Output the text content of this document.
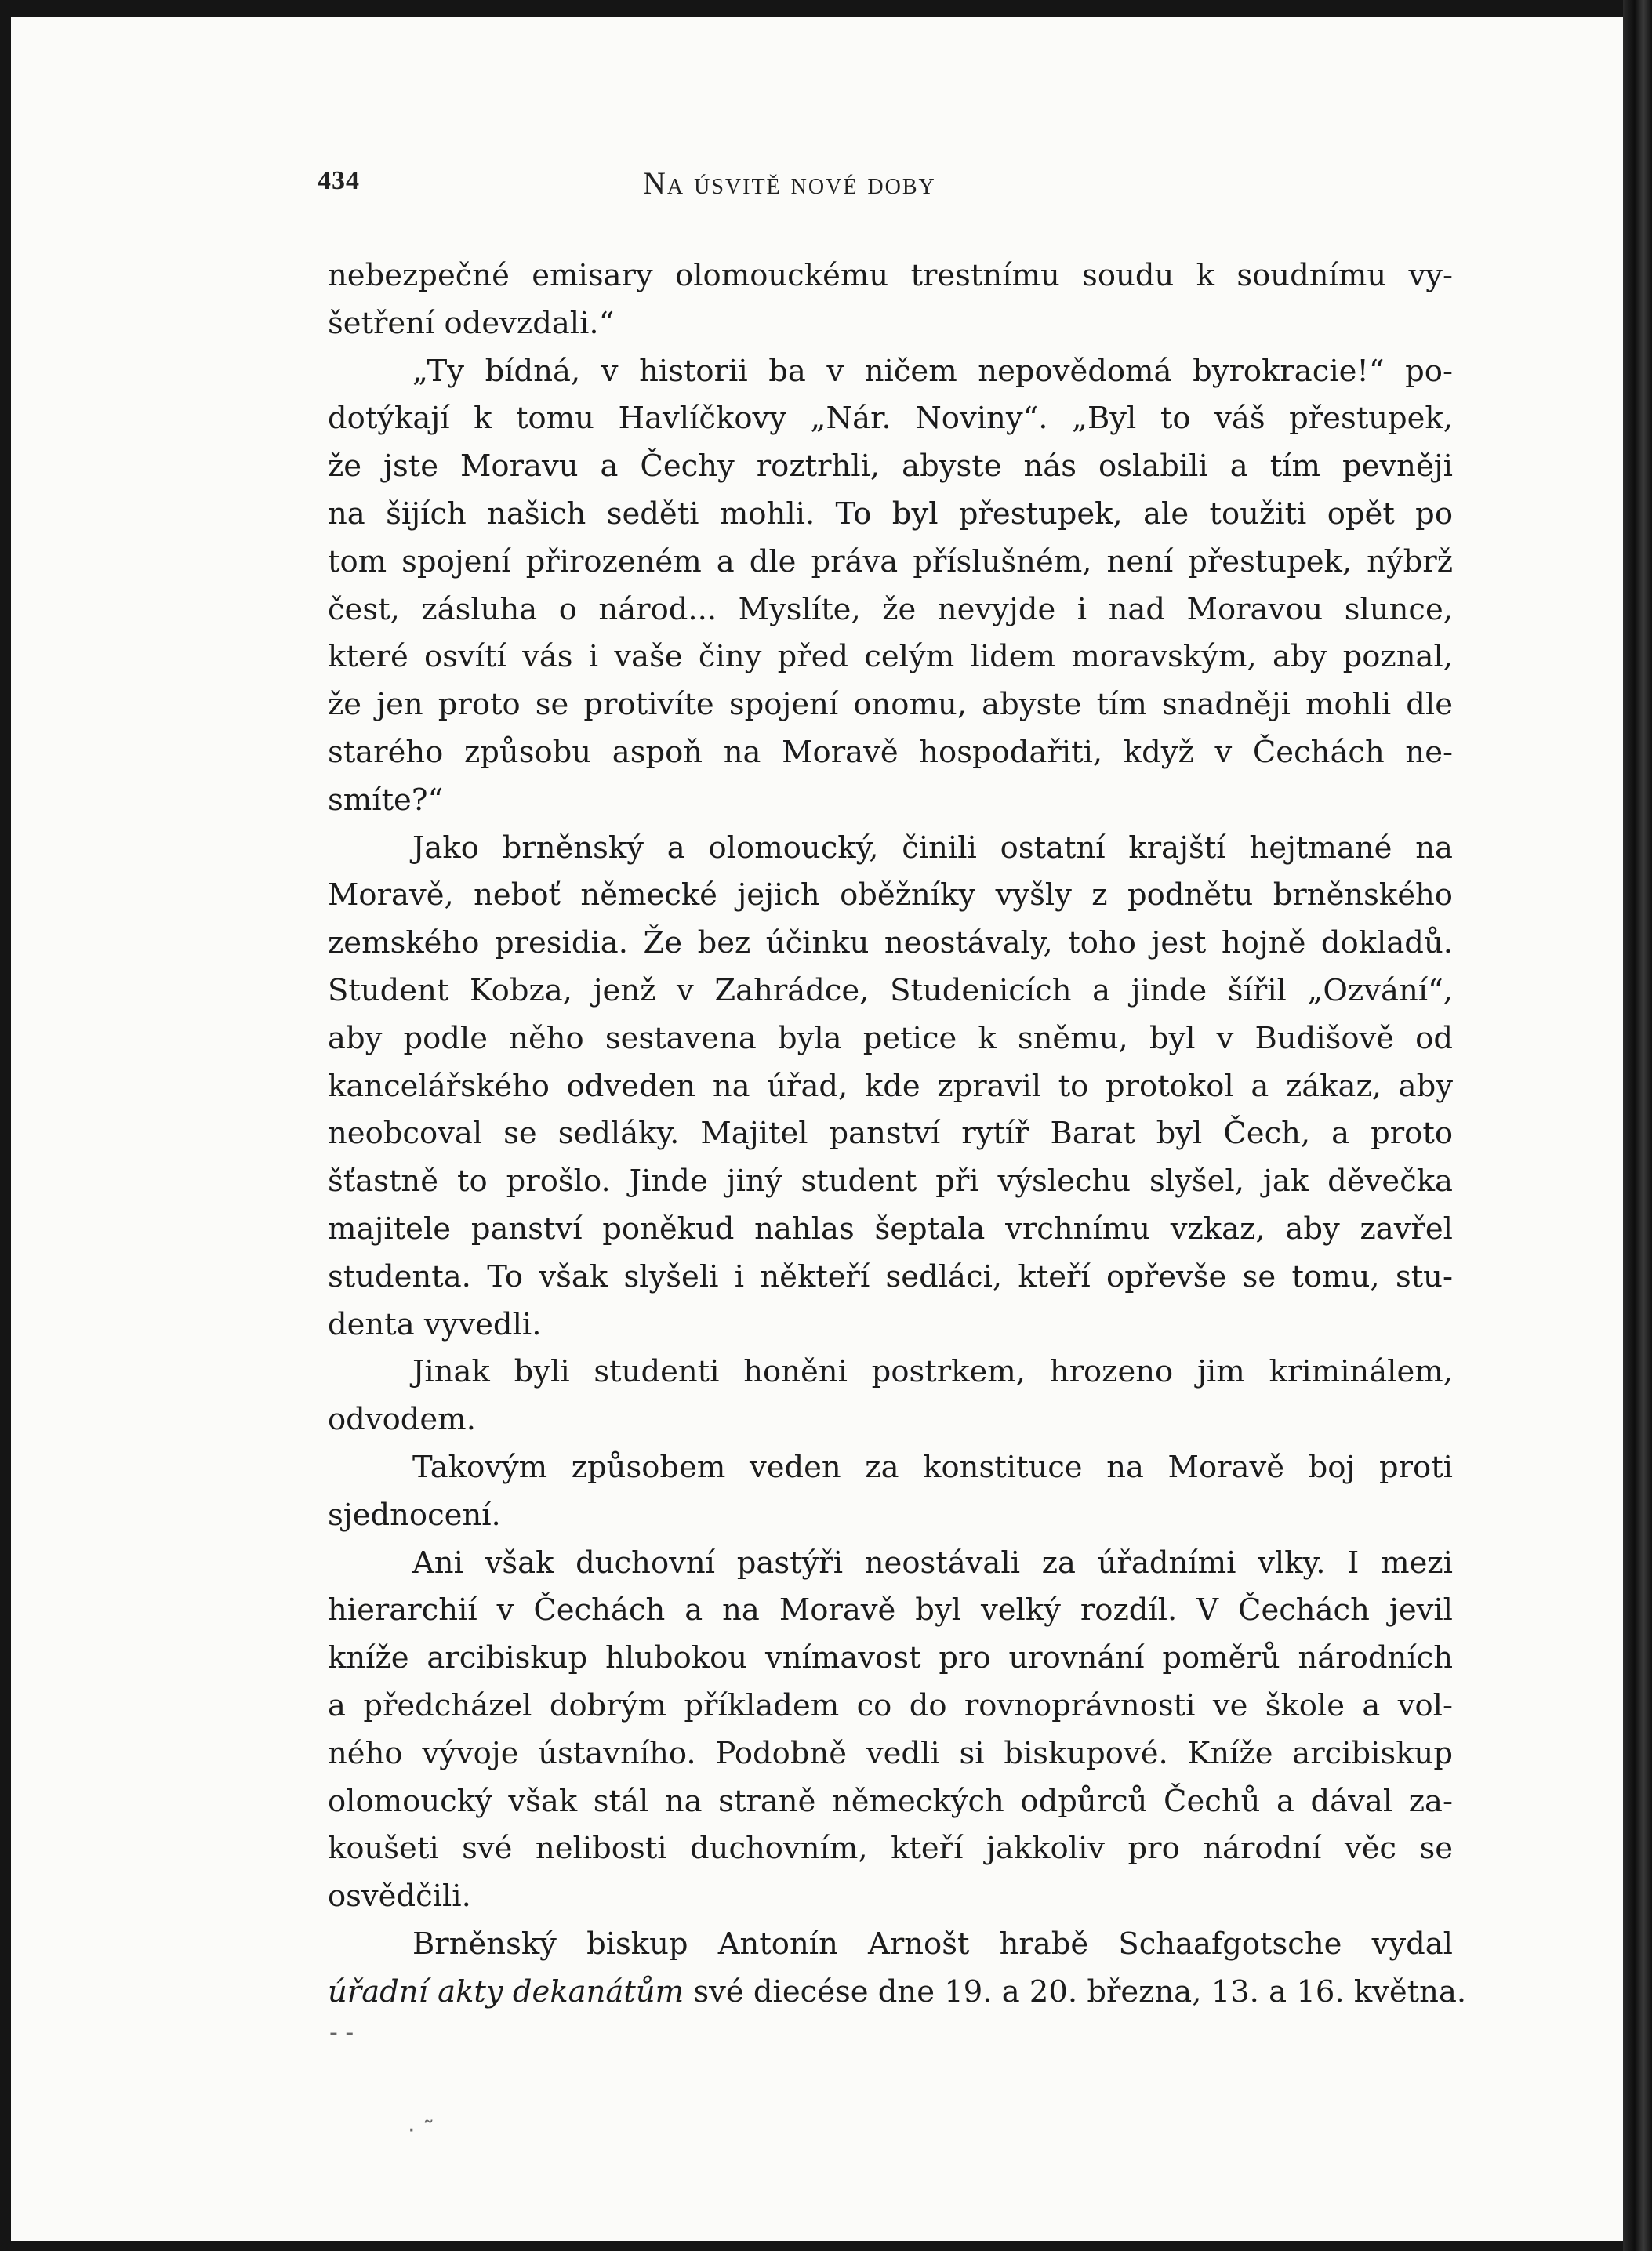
434	Na úsvitě nové doby
nebezpečné emisary olomouckému trestnímu soudu k soudnímu vy-
šetření odevzdali.“
„Ty bídná, v historii ba v ničem nepovědomá byrokracie!“ po-
dotýkají k tomu Havlíčkovy „Nár. Noviny“. „Byl to váš přestupek,
že jste Moravu a Čechy roztrhli, abyste nás oslabili a tím pevněji
na šijích našich seděti mohli. To byl přestupek, ale toužiti opět po
tom spojení přirozeném a dle práva příslušném, není přestupek, nýbrž
čest, zásluha o národ... Myslíte, že nevyjde i nad Moravou slunce,
které osvítí vás i vaše činy před celým lidem moravským, aby poznal,
že jen proto se protivíte spojení onomu, abyste tím snadněji mohli dle
starého způsobu aspoň na Moravě hospodařiti, když v Čechách ne-
smíte?“
Jako brněnský a olomoucký, činili ostatní krajští hejtmané na
Moravě, neboť německé jejich oběžníky vyšly z podnětu brněnského
zemského presidia. Že bez účinku neostávaly, toho jest hojně dokladů.
Student Kobza, jenž v Zahrádce, Studenicích a jinde šířil „Ozvání“,
aby podle něho sestavena byla petice k sněmu, byl v Budišově od
kancelářského odveden na úřad, kde zpravil to protokol a zákaz, aby
neobcoval se sedláky. Majitel panství rytíř Barat byl Čech, a proto
šťastně to prošlo. Jinde jiný student při výslechu slyšel, jak děvečka
majitele panství poněkud nahlas šeptala vrchnímu vzkaz, aby zavřel
studenta. To však slyšeli i někteří sedláci, kteří opřevše se tomu, stu-
denta vyvedli.
Jinak byli studenti honěni postrkem, hrozeno jim kriminálem,
odvodem.
Takovým způsobem veden za konstituce na Moravě boj proti
sjednocení.
Ani však duchovní pastýři neostávali za úřadními vlky. I mezi
hierarchií v Čechách a na Moravě byl velký rozdíl. V Čechách jevil
kníže arcibiskup hlubokou vnímavost pro urovnání poměrů národních
a předcházel dobrým příkladem co do rovnoprávnosti ve škole a vol-
ného vývoje ústavního. Podobně vedli si biskupové. Kníže arcibiskup
olomoucký však stál na straně německých odpůrců Čechů a dával za-
koušeti své nelibosti duchovním, kteří jakkoliv pro národní věc se
osvědčili.
Brněnský biskup Antonín Arnošt hrabě Schaafgotsche vydal
úřadní akty dekanátům své diecése dne 19. a 20. března, 13. a 16. května.
‐ ‐
· ˜
